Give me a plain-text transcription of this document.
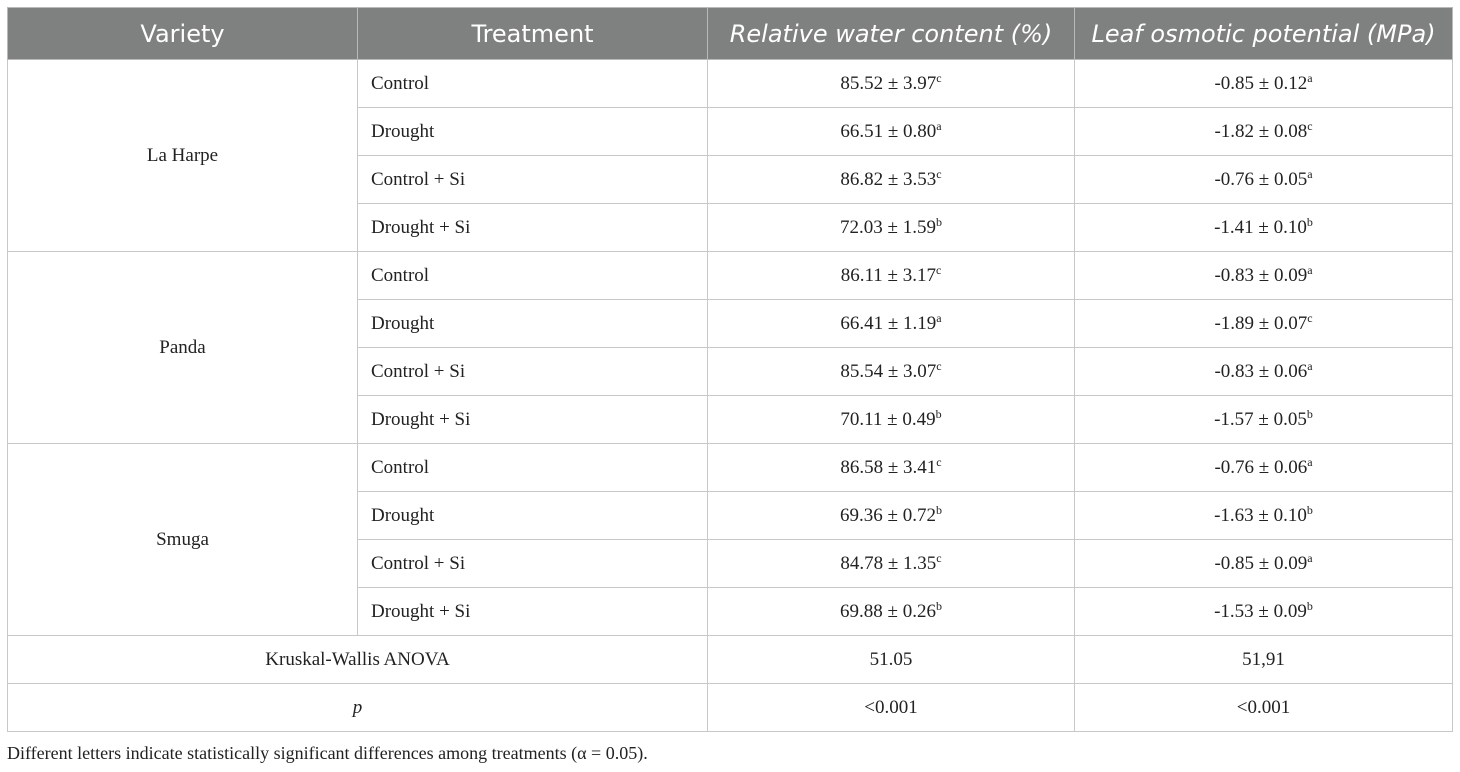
Variety	Treatment	Relative water content (%)	Leaf osmotic potential (MPa)
La Harpe	Control	85.52 ± 3.97$^c$	-0.85 ± 0.12$^a$
	Drought	66.51 ± 0.80$^a$	-1.82 ± 0.08$^c$
	Control + Si	86.82 ± 3.53$^c$	-0.76 ± 0.05$^a$
	Drought + Si	72.03 ± 1.59$^b$	-1.41 ± 0.10$^b$
Panda	Control	86.11 ± 3.17$^c$	-0.83 ± 0.09$^a$
	Drought	66.41 ± 1.19$^a$	-1.89 ± 0.07$^c$
	Control + Si	85.54 ± 3.07$^c$	-0.83 ± 0.06$^a$
	Drought + Si	70.11 ± 0.49$^b$	-1.57 ± 0.05$^b$
Smuga	Control	86.58 ± 3.41$^c$	-0.76 ± 0.06$^a$
	Drought	69.36 ± 0.72$^b$	-1.63 ± 0.10$^b$
	Control + Si	84.78 ± 1.35$^c$	-0.85 ± 0.09$^a$
	Drought + Si	69.88 ± 0.26$^b$	-1.53 ± 0.09$^b$
Kruskal-Wallis ANOVA		51.05	51,91
p		<0.001	<0.001
Different letters indicate statistically significant differences among treatments (α = 0.05).
